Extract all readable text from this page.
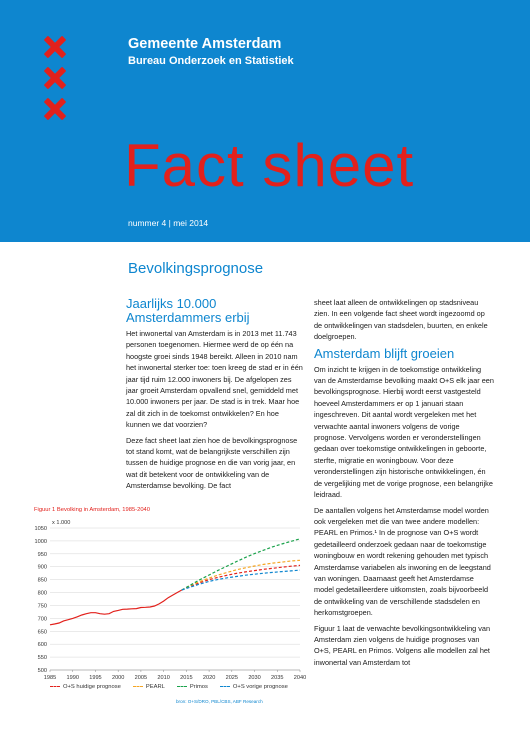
Gemeente Amsterdam
Bureau Onderzoek en Statistiek
Fact sheet
nummer 4 | mei 2014
Bevolkingsprognose
Jaarlijks 10.000 Amsterdammers erbij

Het inwonertal van Amsterdam is in 2013 met 11.743 personen toegenomen. Hiermee werd de op één na hoogste groei sinds 1948 bereikt. Alleen in 2010 nam het inwonertal sterker toe: toen kreeg de stad er in één jaar tijd ruim 12.000 inwoners bij. De afgelopen zes jaar groeit Amsterdam opvallend snel, gemiddeld met 10.000 inwoners per jaar. De stad is in trek. Maar hoe zal dit zich in de toekomst ontwikkelen? En hoe kunnen we dat voorzien?

Deze fact sheet laat zien hoe de bevolkingsprognose tot stand komt, wat de belangrijkste verschillen zijn tussen de huidige prognose en die van vorig jaar, en wat dit betekent voor de ontwikkeling van de Amsterdamse bevolking. De fact

sheet laat alleen de ontwikkelingen op stadsniveau zien. In een volgende fact sheet wordt ingezoomd op de ontwikkelingen van stadsdelen, buurten, en enkele doelgroepen.

Amsterdam blijft groeien

Om inzicht te krijgen in de toekomstige ontwikkeling van de Amsterdamse bevolking maakt O+S elk jaar een bevolkingsprognose. Hierbij wordt eerst vastgesteld hoeveel Amsterdammers er op 1 januari staan ingeschreven. Dit aantal wordt vergeleken met het verwachte aantal inwoners volgens de vorige prognose. Vervolgens worden er veronderstellingen gedaan over toekomstige ontwikkelingen in geboorte, sterfte, migratie en woningbouw. Voor deze veronderstellingen zijn historische ontwikkelingen, én de vergelijking met de vorige prognose, een belangrijke leidraad.

De aantallen volgens het Amsterdamse model worden ook vergeleken met die van twee andere modellen: PEARL en Primos.¹ In de prognose van O+S wordt gedetailleerd onderzoek gedaan naar de toekomstige woningbouw en wordt rekening gehouden met typisch Amsterdamse variabelen als inwoning en de leegstand van woningen. Daarnaast geeft het Amsterdamse model gedetailleerdere uitkomsten, zoals bijvoorbeeld de ontwikkeling van de verschillende stadsdelen en herkomstgroepen.

Figuur 1 laat de verwachte bevolkingsontwikkeling van Amsterdam zien volgens de huidige prognoses van O+S, PEARL en Primos. Volgens alle modellen zal het inwonertal van Amsterdam tot

Figuur 1 Bevolking in Amsterdam, 1985-2040
x 1.000
500
550
600
650
700
750
800
850
900
950
1000
1050
1985 1990 1995 2000 2005 2010 2015 2020 2025 2030 2035 2040
O+S huidige prognose	PEARL	Primos	O+S vorige prognose
bron: O+S/DRO, PBL/CBS, ABF Research
